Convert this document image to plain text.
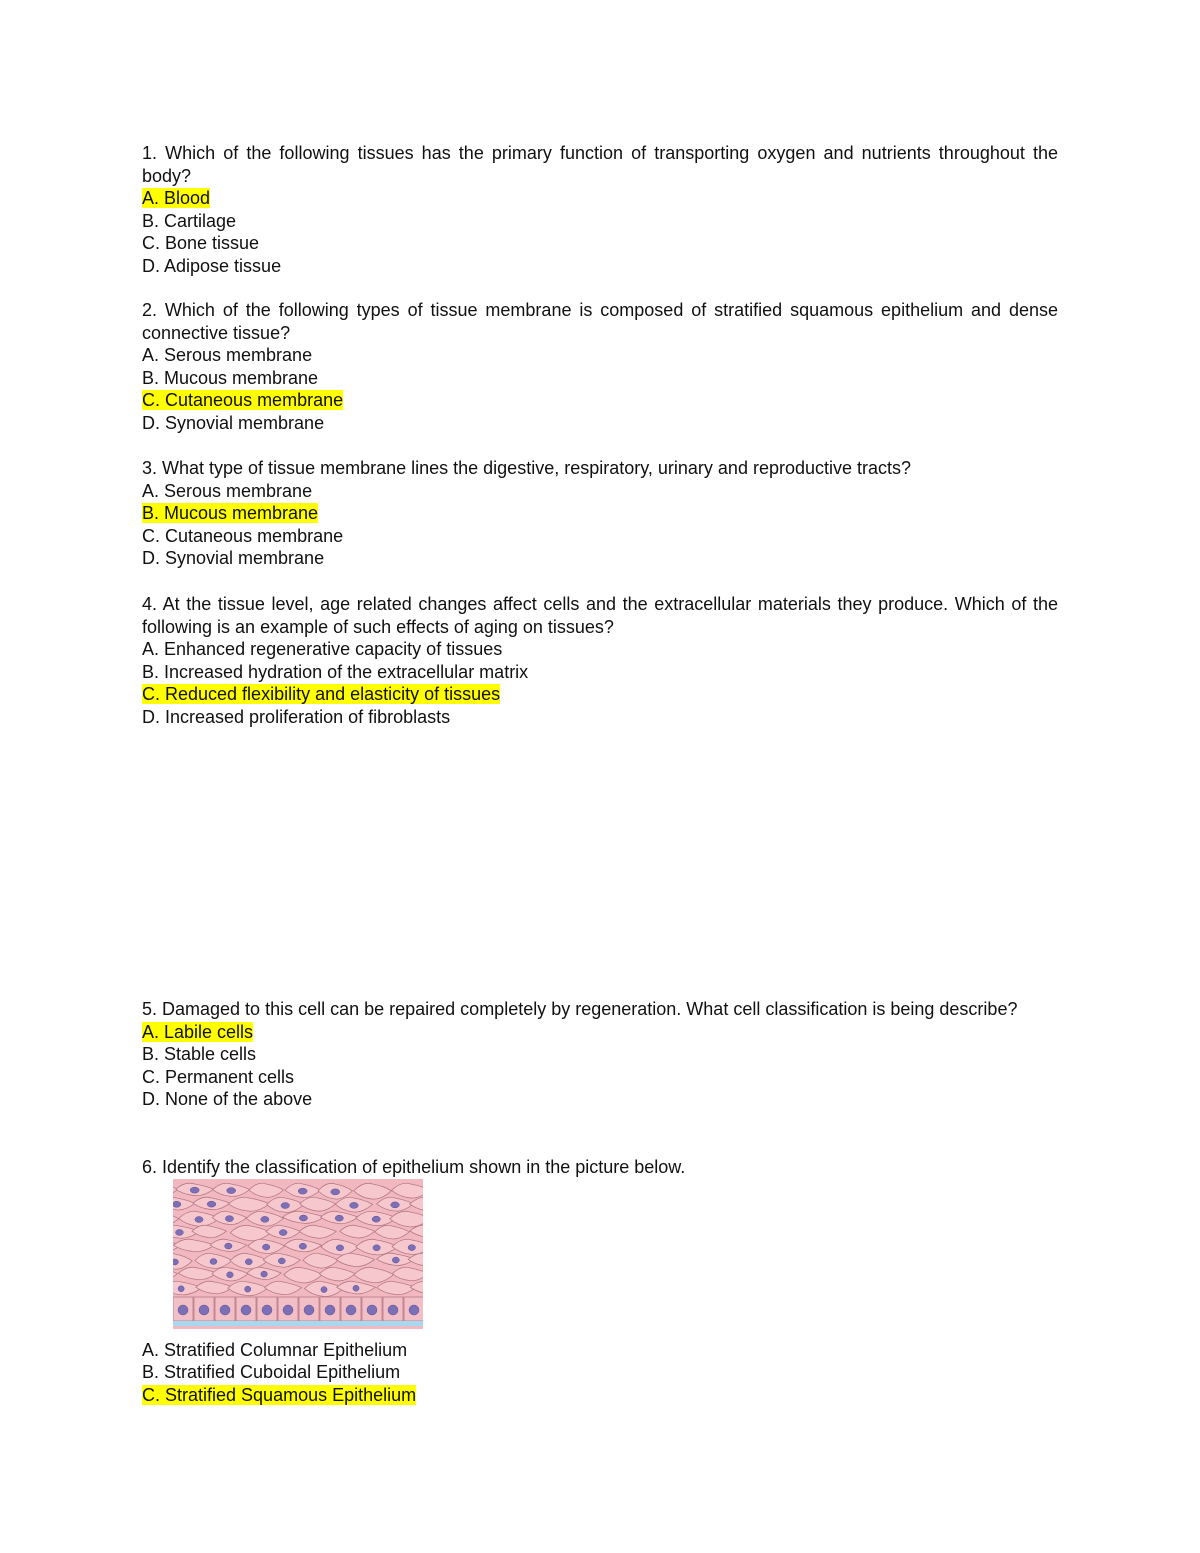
1. Which of the following tissues has the primary function of transporting oxygen and nutrients throughout the body?

A. Blood

B. Cartilage

C. Bone tissue

D. Adipose tissue

2. Which of the following types of tissue membrane is composed of stratified squamous epithelium and dense connective tissue?

A. Serous membrane

B. Mucous membrane

C. Cutaneous membrane

D. Synovial membrane

3. What type of tissue membrane lines the digestive, respiratory, urinary and reproductive tracts?

A. Serous membrane

B. Mucous membrane

C. Cutaneous membrane

D. Synovial membrane

4. At the tissue level, age related changes affect cells and the extracellular materials they produce. Which of the following is an example of such effects of aging on tissues?

A. Enhanced regenerative capacity of tissues

B. Increased hydration of the extracellular matrix

C. Reduced flexibility and elasticity of tissues

D. Increased proliferation of fibroblasts

5. Damaged to this cell can be repaired completely by regeneration. What cell classification is being describe?

A. Labile cells

B. Stable cells

C. Permanent cells

D. None of the above

6. Identify the classification of epithelium shown in the picture below.

A. Stratified Columnar Epithelium

B. Stratified Cuboidal Epithelium

C. Stratified Squamous Epithelium
